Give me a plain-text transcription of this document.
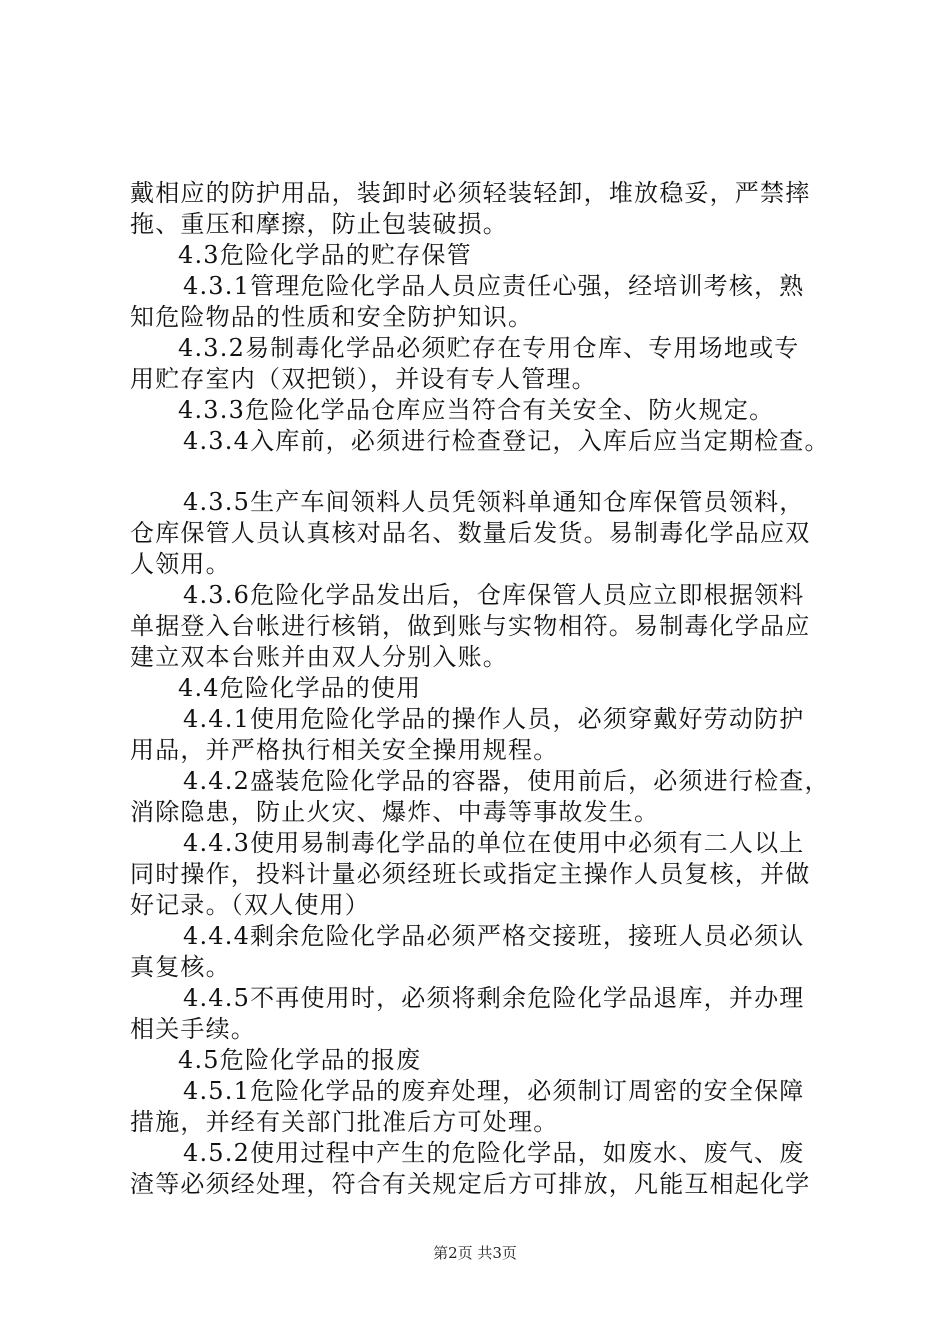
戴相应的防护用品，装卸时必须轻装轻卸，堆放稳妥，严禁摔
拖、重压和摩擦，防止包装破损。
4.3危险化学品的贮存保管
4.3.1管理危险化学品人员应责任心强，经培训考核，熟
知危险物品的性质和安全防护知识。
4.3.2易制毒化学品必须贮存在专用仓库、专用场地或专
用贮存室内（双把锁），并设有专人管理。
4.3.3危险化学品仓库应当符合有关安全、防火规定。
4.3.4入库前，必须进行检查登记，入库后应当定期检查。
4.3.5生产车间领料人员凭领料单通知仓库保管员领料，
仓库保管人员认真核对品名、数量后发货。易制毒化学品应双
人领用。
4.3.6危险化学品发出后，仓库保管人员应立即根据领料
单据登入台帐进行核销，做到账与实物相符。易制毒化学品应
建立双本台账并由双人分别入账。
4.4危险化学品的使用
4.4.1使用危险化学品的操作人员，必须穿戴好劳动防护
用品，并严格执行相关安全操用规程。
4.4.2盛装危险化学品的容器，使用前后，必须进行检查，
消除隐患，防止火灾、爆炸、中毒等事故发生。
4.4.3使用易制毒化学品的单位在使用中必须有二人以上
同时操作，投料计量必须经班长或指定主操作人员复核，并做
好记录。（双人使用）
4.4.4剩余危险化学品必须严格交接班，接班人员必须认
真复核。
4.4.5不再使用时，必须将剩余危险化学品退库，并办理
相关手续。
4.5危险化学品的报废
4.5.1危险化学品的废弃处理，必须制订周密的安全保障
措施，并经有关部门批准后方可处理。
4.5.2使用过程中产生的危险化学品，如废水、废气、废
渣等必须经处理，符合有关规定后方可排放，凡能互相起化学
第2页 共3页
